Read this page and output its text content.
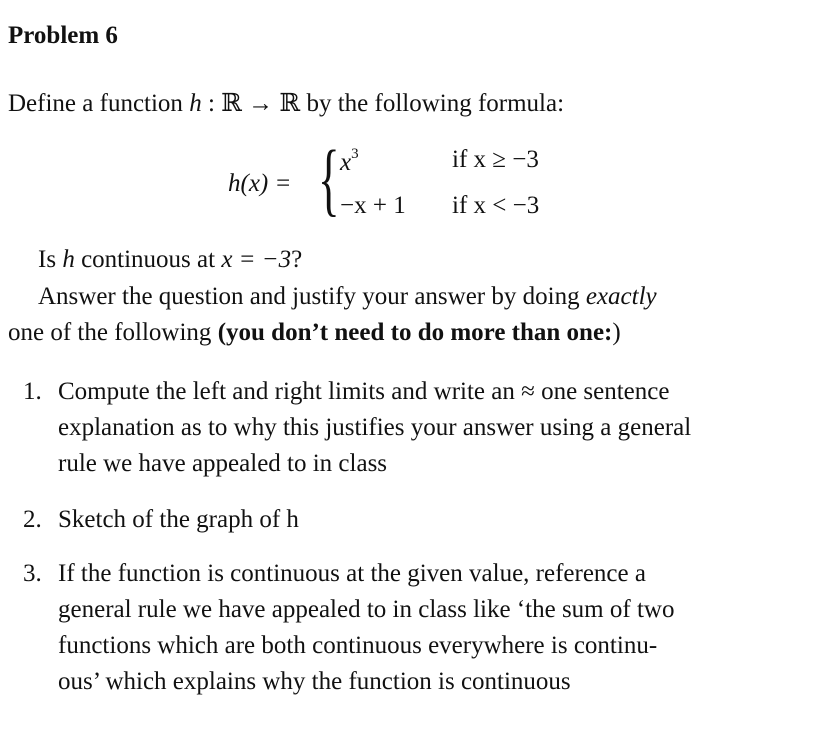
Problem 6
Define a function h : ℝ → ℝ by the following formula:
h(x) = { $x^3$	if x ≥ −3
−x + 1 if x < −3
Is h continuous at x = −3?
Answer the question and justify your answer by doing exactly
one of the following (you don’t need to do more than one:)
1. Compute the left and right limits and write an ≈ one sentence
explanation as to why this justifies your answer using a general
rule we have appealed to in class
2. Sketch of the graph of h
3. If the function is continuous at the given value, reference a
general rule we have appealed to in class like ‘the sum of two
functions which are both continuous everywhere is continu-
ous’ which explains why the function is continuous
